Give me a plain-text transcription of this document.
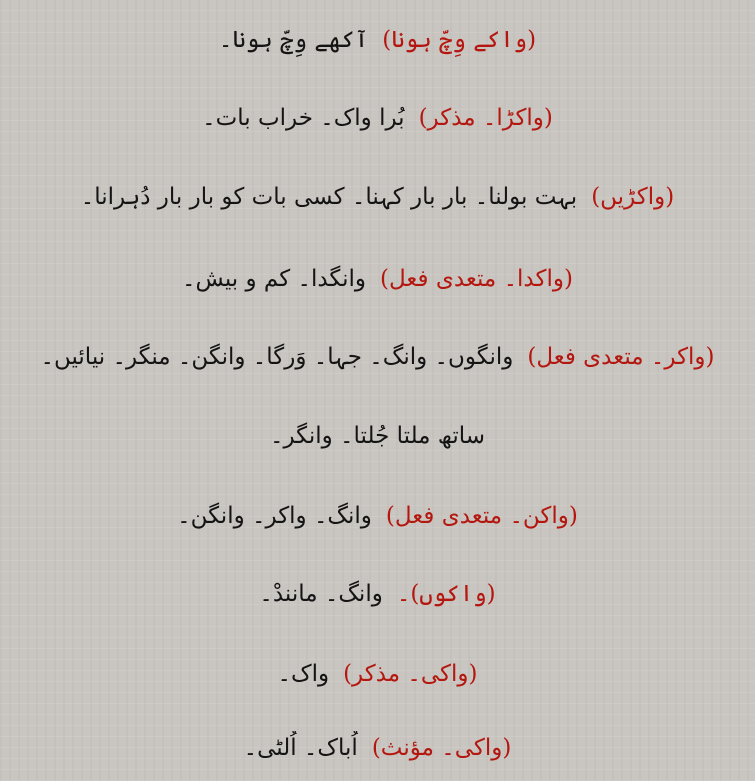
(واکے وِچّ ہونا)آکھے وِچّ ہونا۔
(واکڑا۔ مذکر)بُرا واک۔ خراب بات۔
(واکڑیں)بہت بولنا۔ بار بار کہنا۔ کسی بات کو بار بار دُہرانا۔
(واکدا۔ متعدی فعل)وانگدا۔ کم و بیش۔
(واکر۔ متعدی فعل)وانگوں۔ وانگ۔ جہا۔ وَرگا۔ وانگن۔ منگر۔ نیائیں۔
ساتھ ملتا جُلتا۔ وانگر۔
(واکن۔ متعدی فعل)وانگ۔ واکر۔ وانگن۔
(واکوں)۔وانگ۔ مانندْ۔
(واکی۔ مذکر)واک۔
(واکی۔ مؤنث)اُباک۔ اُلٹی۔
